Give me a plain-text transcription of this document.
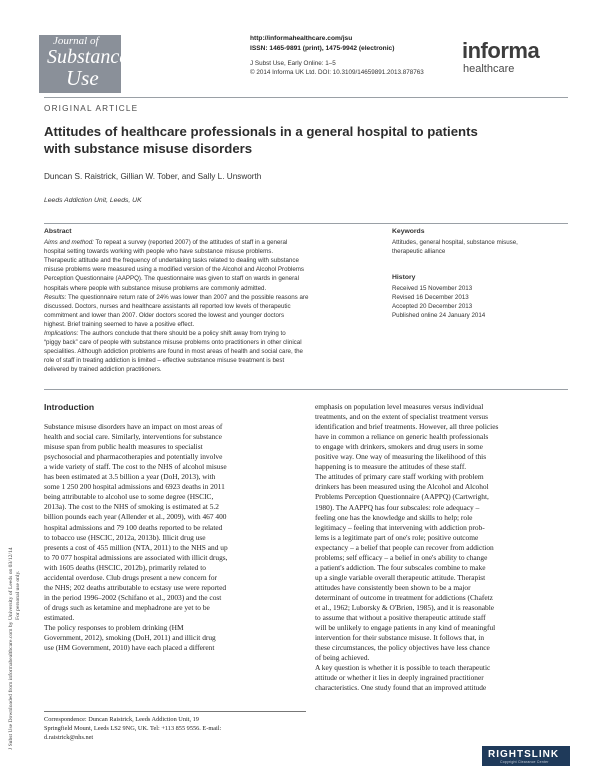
J Subst Use Downloaded from informahealthcare.com by University of Leeds on 03/12/14 For personal use only.
Journal of
Substance
Use
http://informahealthcare.com/jsu
ISSN: 1465-9891 (print), 1475-9942 (electronic)
J Subst Use, Early Online: 1–5
© 2014 Informa UK Ltd. DOI: 10.3109/14659891.2013.878763
informa
healthcare
ORIGINAL ARTICLE
Attitudes of healthcare professionals in a general hospital to patients
with substance misuse disorders
Duncan S. Raistrick, Gillian W. Tober, and Sally L. Unsworth
Leeds Addiction Unit, Leeds, UK
Abstract
Aims and method: To repeat a survey (reported 2007) of the attitudes of staff in a general
hospital setting towards working with people who have substance misuse problems.
Therapeutic attitude and the frequency of undertaking tasks related to dealing with substance
misuse problems were measured using a modified version of the Alcohol and Alcohol Problems
Perception Questionnaire (AAPPQ). The questionnaire was given to staff on wards in general
hospitals where people with substance misuse problems are commonly admitted.
Results: The questionnaire return rate of 24% was lower than 2007 and the possible reasons are
discussed. Doctors, nurses and healthcare assistants all reported low levels of therapeutic
commitment and lower than 2007. Older doctors scored the lowest and younger doctors
highest. Brief training seemed to have a positive effect.
Implications: The authors conclude that there should be a policy shift away from trying to
“piggy back” care of people with substance misuse problems onto practitioners in other clinical
specialities. Although addiction problems are found in most areas of health and social care, the
role of staff in treating addiction is limited – effective substance misuse treatment is best
delivered by trained addiction practitioners.
Keywords
Attitudes, general hospital, substance misuse,
therapeutic alliance
History
Received 15 November 2013
Revised 16 December 2013
Accepted 20 December 2013
Published online 24 January 2014
Introduction
Substance misuse disorders have an impact on most areas of
health and social care. Similarly, interventions for substance
misuse span from public health measures to specialist
psychosocial and pharmacotherapies and potentially involve
a wide variety of staff. The cost to the NHS of alcohol misuse
has been estimated at 3.5 billion a year (DoH, 2013), with
some 1 250 200 hospital admissions and 6923 deaths in 2011
being attributable to alcohol use to some degree (HSCIC,
2013a). The cost to the NHS of smoking is estimated at 5.2
billion pounds each year (Allender et al., 2009), with 467 400
hospital admissions and 79 100 deaths reported to be related
to tobacco use (HSCIC, 2012a, 2013b). Illicit drug use
presents a cost of 455 million (NTA, 2011) to the NHS and up
to 70 077 hospital admissions are associated with illicit drugs,
with 1605 deaths (HSCIC, 2012b), primarily related to
accidental overdose. Club drugs present a new concern for
the NHS; 202 deaths attributable to ecstasy use were reported
in the period 1996–2002 (Schifano et al., 2003) and the cost
of drugs such as ketamine and mephadrone are yet to be
estimated.
The policy responses to problem drinking (HM
Government, 2012), smoking (DoH, 2011) and illicit drug
use (HM Government, 2010) have each placed a different
emphasis on population level measures versus individual
treatments, and on the extent of specialist treatment versus
identification and brief treatments. However, all three policies
have in common a reliance on generic health professionals
to engage with drinkers, smokers and drug users in some
positive way. One way of measuring the likelihood of this
happening is to measure the attitudes of these staff.
The attitudes of primary care staff working with problem
drinkers has been measured using the Alcohol and Alcohol
Problems Perception Questionnaire (AAPPQ) (Cartwright,
1980). The AAPPQ has four subscales: role adequacy –
feeling one has the knowledge and skills to help; role
legitimacy – feeling that intervening with addiction prob-
lems is a legitimate part of one's role; positive outcome
expectancy – a belief that people can recover from addiction
problems; self efficacy – a belief in one's ability to change
a patient's addiction. The four subscales combine to make
up a single variable overall therapeutic attitude. Therapist
attitudes have consistently been shown to be a major
determinant of outcome in treatment for addictions (Chafetz
et al., 1962; Luborsky & O'Brien, 1985), and it is reasonable
to assume that without a positive therapeutic attitude staff
will be unlikely to engage patients in any kind of meaningful
intervention for their substance misuse. It follows that, in
these circumstances, the policy objectives have less chance
of being achieved.
A key question is whether it is possible to teach therapeutic
attitude or whether it lies in deeply ingrained practitioner
characteristics. One study found that an improved attitude
Correspondence: Duncan Raistrick, Leeds Addiction Unit, 19
Springfield Mount, Leeds LS2 9NG, UK. Tel: +113 855 9556. E-mail:
d.raistrick@nhs.net
RIGHTSLINK
Copyright Clearance Center
